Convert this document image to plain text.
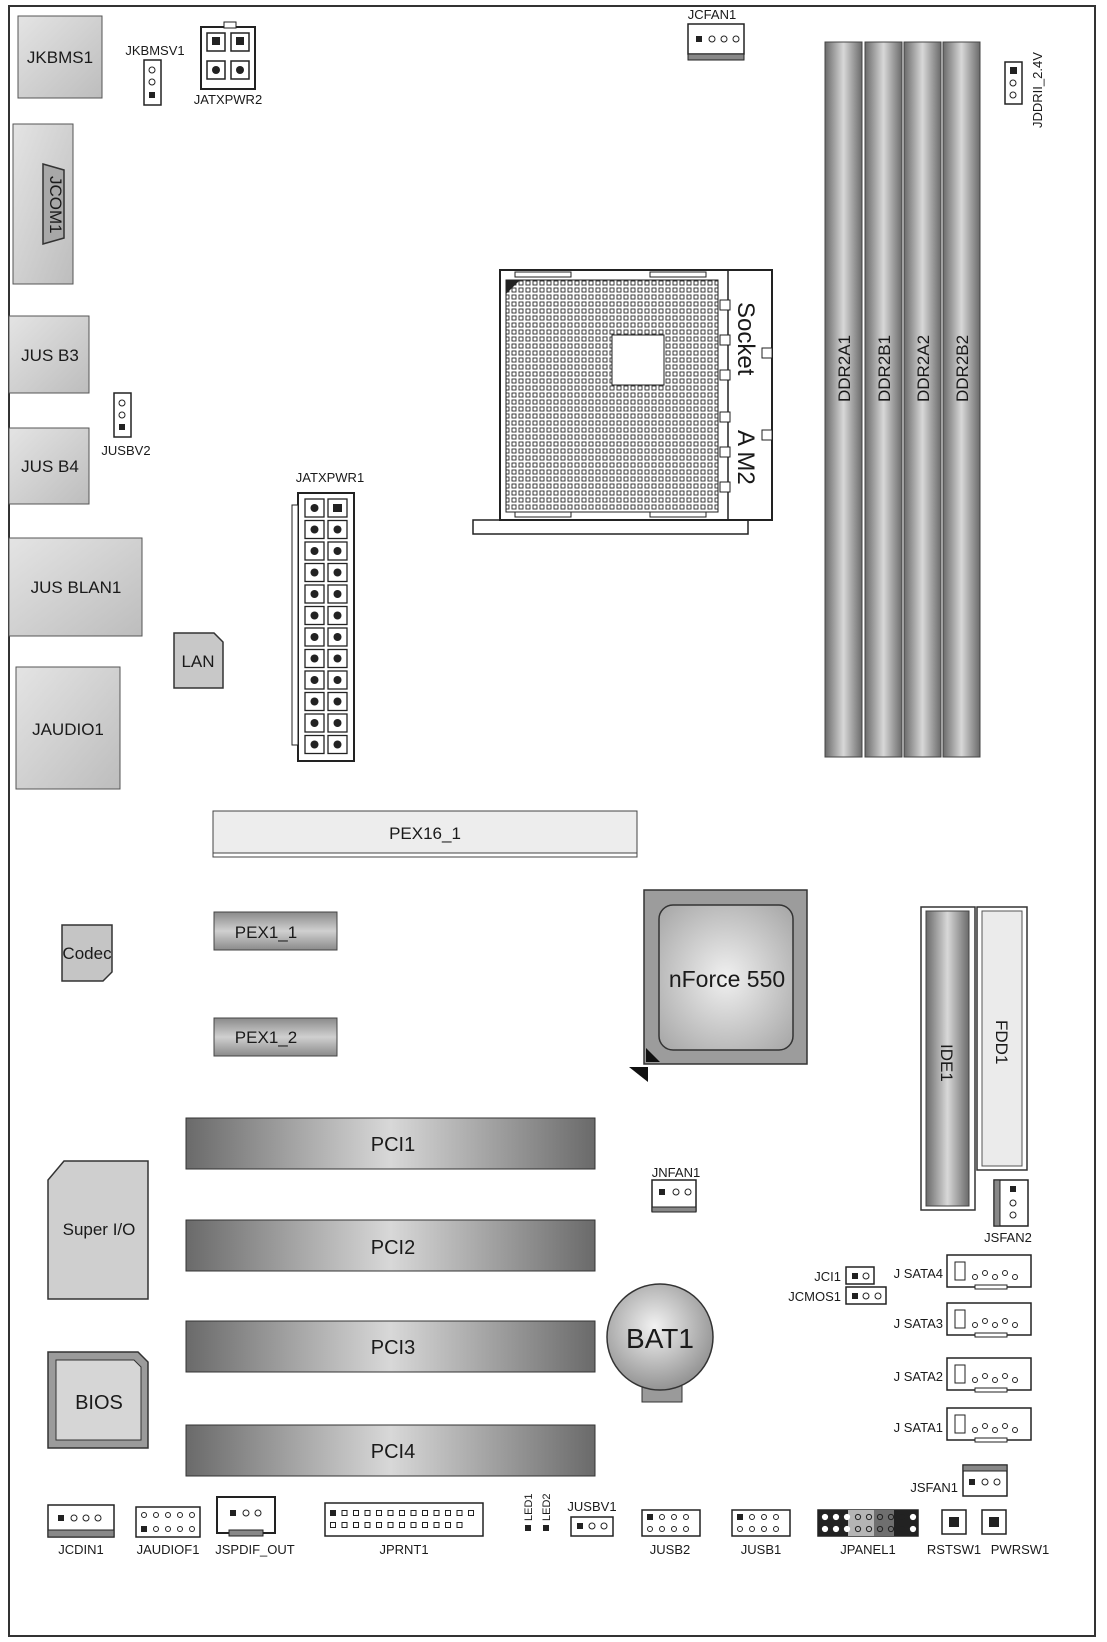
JKBMS1 JKBMSV1
JATXPWR2
JCFAN1
JDDRII_2.4V
JCOM1
JUS B3
JUSBV2
JUS B4
JUS BLAN1
LAN
JAUDIO1
JATXPWR1
Socket
A M2
DDR2A1 DDR2B1 DDR2A2 DDR2B2
PEX16_1
PEX1_1
PEX1_2
Codec
nForce 550
IDE1 FDD1
Super I/O
PCI1
PCI2
PCI3
PCI4
JNFAN1
BAT1
BIOS
JSFAN2
JCI1
JCMOS1
J SATA4
J SATA3
J SATA2
J SATA1
JSFAN1
JCDIN1	JAUDIOF1 JSPDIF_OUT	JPRNT1
LED1 LED2 JUSBV1
JUSB2	JUSB1	JPANEL1 RSTSW1 PWRSW1
